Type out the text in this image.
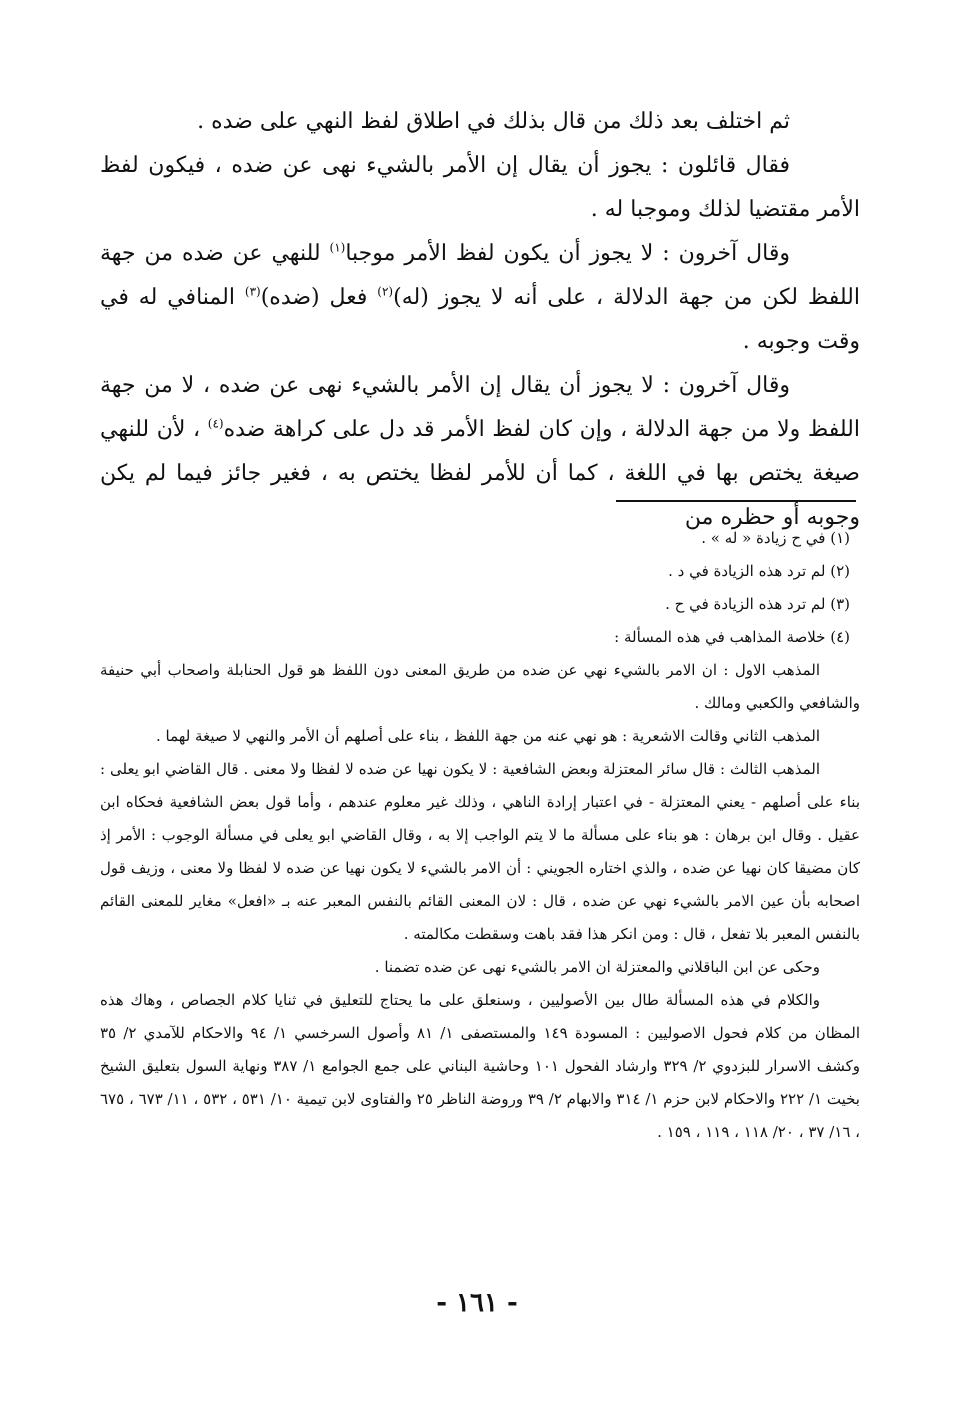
ثم اختلف بعد ذلك من قال بذلك في اطلاق لفظ النهي على ضده .

فقال قائلون : يجوز أن يقال إن الأمر بالشيء نهى عن ضده ، فيكون لفظ الأمر مقتضيا لذلك وموجبا له .

وقال آخرون : لا يجوز أن يكون لفظ الأمر موجبا$^{(١)}$ للنهي عن ضده من جهة اللفظ لكن من جهة الدلالة ، على أنه لا يجوز (له)$^{(٢)}$ فعل (ضده)$^{(٣)}$ المنافي له في وقت وجوبه .

وقال آخرون : لا يجوز أن يقال إن الأمر بالشيء نهى عن ضده ، لا من جهة اللفظ ولا من جهة الدلالة ، وإن كان لفظ الأمر قد دل على كراهة ضده$^{(٤)}$ ، لأن للنهي صيغة يختص بها في اللغة ، كما أن للأمر لفظا يختص به ، فغير جائز فيما لم يكن وجوبه أو حظره من

(١) في ح زيادة « له » .

(٢) لم ترد هذه الزيادة في د .

(٣) لم ترد هذه الزيادة في ح .

(٤) خلاصة المذاهب في هذه المسألة :

المذهب الاول : ان الامر بالشيء نهي عن ضده من طريق المعنى دون اللفظ هو قول الحنابلة واصحاب أبي حنيفة والشافعي والكعبي ومالك .

المذهب الثاني وقالت الاشعرية : هو نهي عنه من جهة اللفظ ، بناء على أصلهم أن الأمر والنهي لا صيغة لهما .

المذهب الثالث : قال سائر المعتزلة وبعض الشافعية : لا يكون نهيا عن ضده لا لفظا ولا معنى . قال القاضي ابو يعلى : بناء على أصلهم - يعني المعتزلة - في اعتبار إرادة الناهي ، وذلك غير معلوم عندهم ، وأما قول بعض الشافعية فحكاه ابن عقيل . وقال ابن برهان : هو بناء على مسألة ما لا يتم الواجب إلا به ، وقال القاضي ابو يعلى في مسألة الوجوب : الأمر إذ كان مضيقا كان نهيا عن ضده ، والذي اختاره الجويني : أن الامر بالشيء لا يكون نهيا عن ضده لا لفظا ولا معنى ، وزيف قول اصحابه بأن عين الامر بالشيء نهي عن ضده ، قال : لان المعنى القائم بالنفس المعبر عنه بـ «افعل» مغاير للمعنى القائم بالنفس المعبر بلا تفعل ، قال : ومن انكر هذا فقد باهت وسقطت مكالمته .

وحكى عن ابن الباقلاني والمعتزلة ان الامر بالشيء نهى عن ضده تضمنا .

والكلام في هذه المسألة طال بين الأصوليين ، وسنعلق على ما يحتاج للتعليق في ثنايا كلام الجصاص ، وهاك هذه المظان من كلام فحول الاصوليين : المسودة ١٤٩ والمستصفى ١/ ٨١ وأصول السرخسي ١/ ٩٤ والاحكام للآمدي ٢/ ٣٥ وكشف الاسرار للبزدوي ٢/ ٣٢٩ وارشاد الفحول ١٠١ وحاشية البناني على جمع الجوامع ١/ ٣٨٧ ونهاية السول بتعليق الشيخ بخيت ١/ ٢٢٢ والاحكام لابن حزم ١/ ٣١٤ والابهام ٢/ ٣٩ وروضة الناظر ٢٥ والفتاوى لابن تيمية ١٠/ ٥٣١ ، ٥٣٢ ، ١١/ ٦٧٣ ، ٦٧٥ ، ١٦/ ٣٧ ، ٢٠/ ١١٨ ، ١١٩ ، ١٥٩ .

- ١٦١ -
